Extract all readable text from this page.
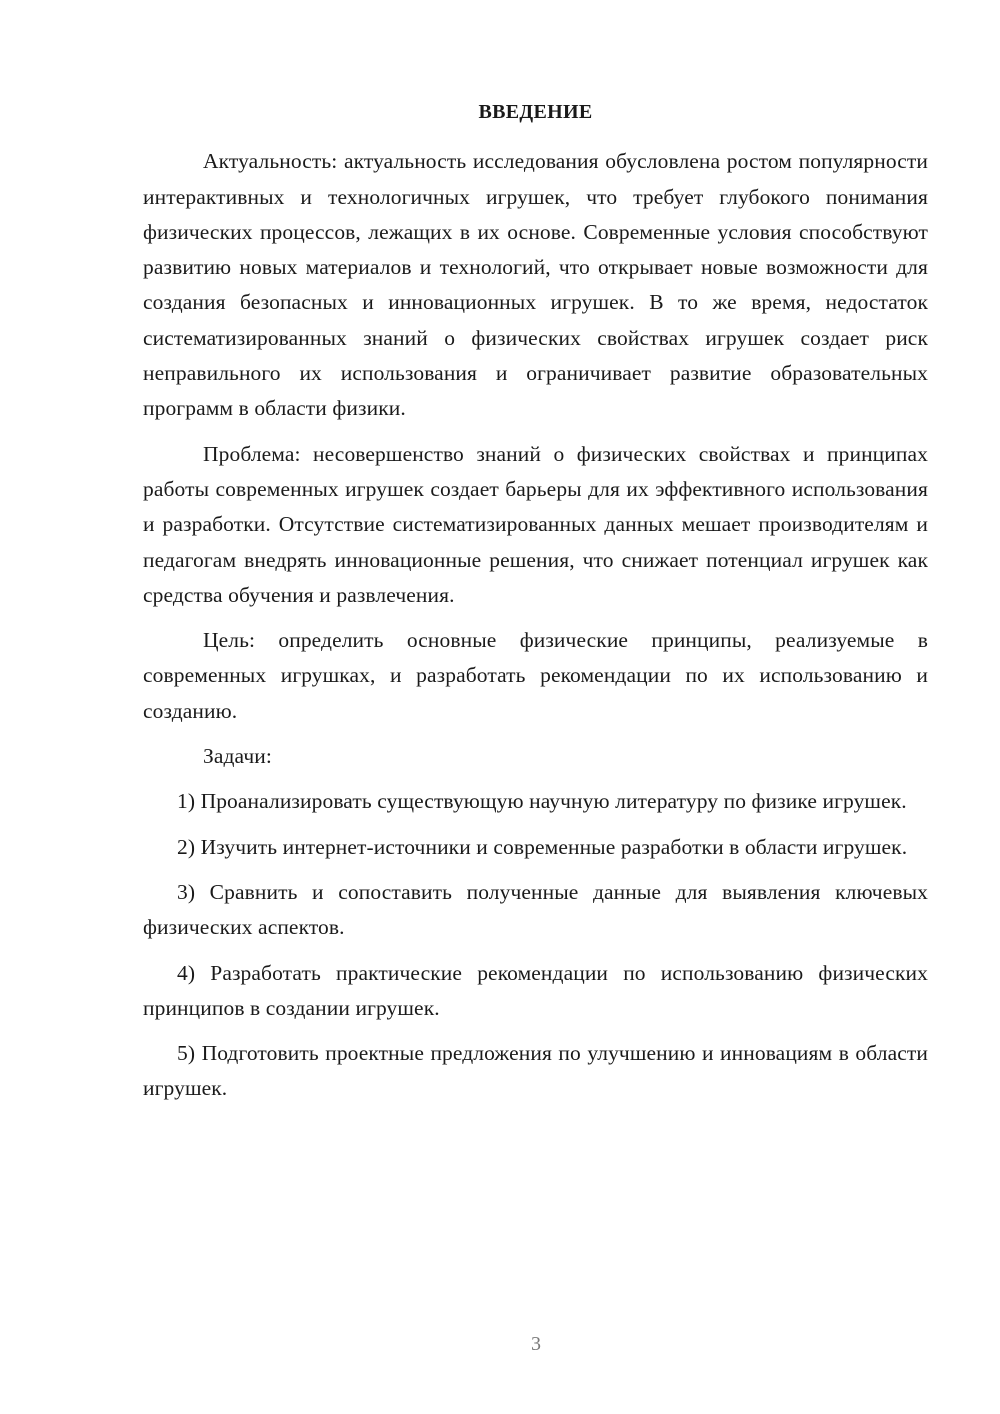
ВВЕДЕНИЕ

Актуальность: актуальность исследования обусловлена ростом популярности интерактивных и технологичных игрушек, что требует глубокого понимания физических процессов, лежащих в их основе. Современные условия способствуют развитию новых материалов и технологий, что открывает новые возможности для создания безопасных и инновационных игрушек. В то же время, недостаток систематизированных знаний о физических свойствах игрушек создает риск неправильного их использования и ограничивает развитие образовательных программ в области физики.

Проблема: несовершенство знаний о физических свойствах и принципах работы современных игрушек создает барьеры для их эффективного использования и разработки. Отсутствие систематизированных данных мешает производителям и педагогам внедрять инновационные решения, что снижает потенциал игрушек как средства обучения и развлечения.

Цель: определить основные физические принципы, реализуемые в современных игрушках, и разработать рекомендации по их использованию и созданию.

Задачи:

1) Проанализировать существующую научную литературу по физике игрушек.

2) Изучить интернет-источники и современные разработки в области игрушек.

3) Сравнить и сопоставить полученные данные для выявления ключевых физических аспектов.

4) Разработать практические рекомендации по использованию физических принципов в создании игрушек.

5) Подготовить проектные предложения по улучшению и инновациям в области игрушек.

3
